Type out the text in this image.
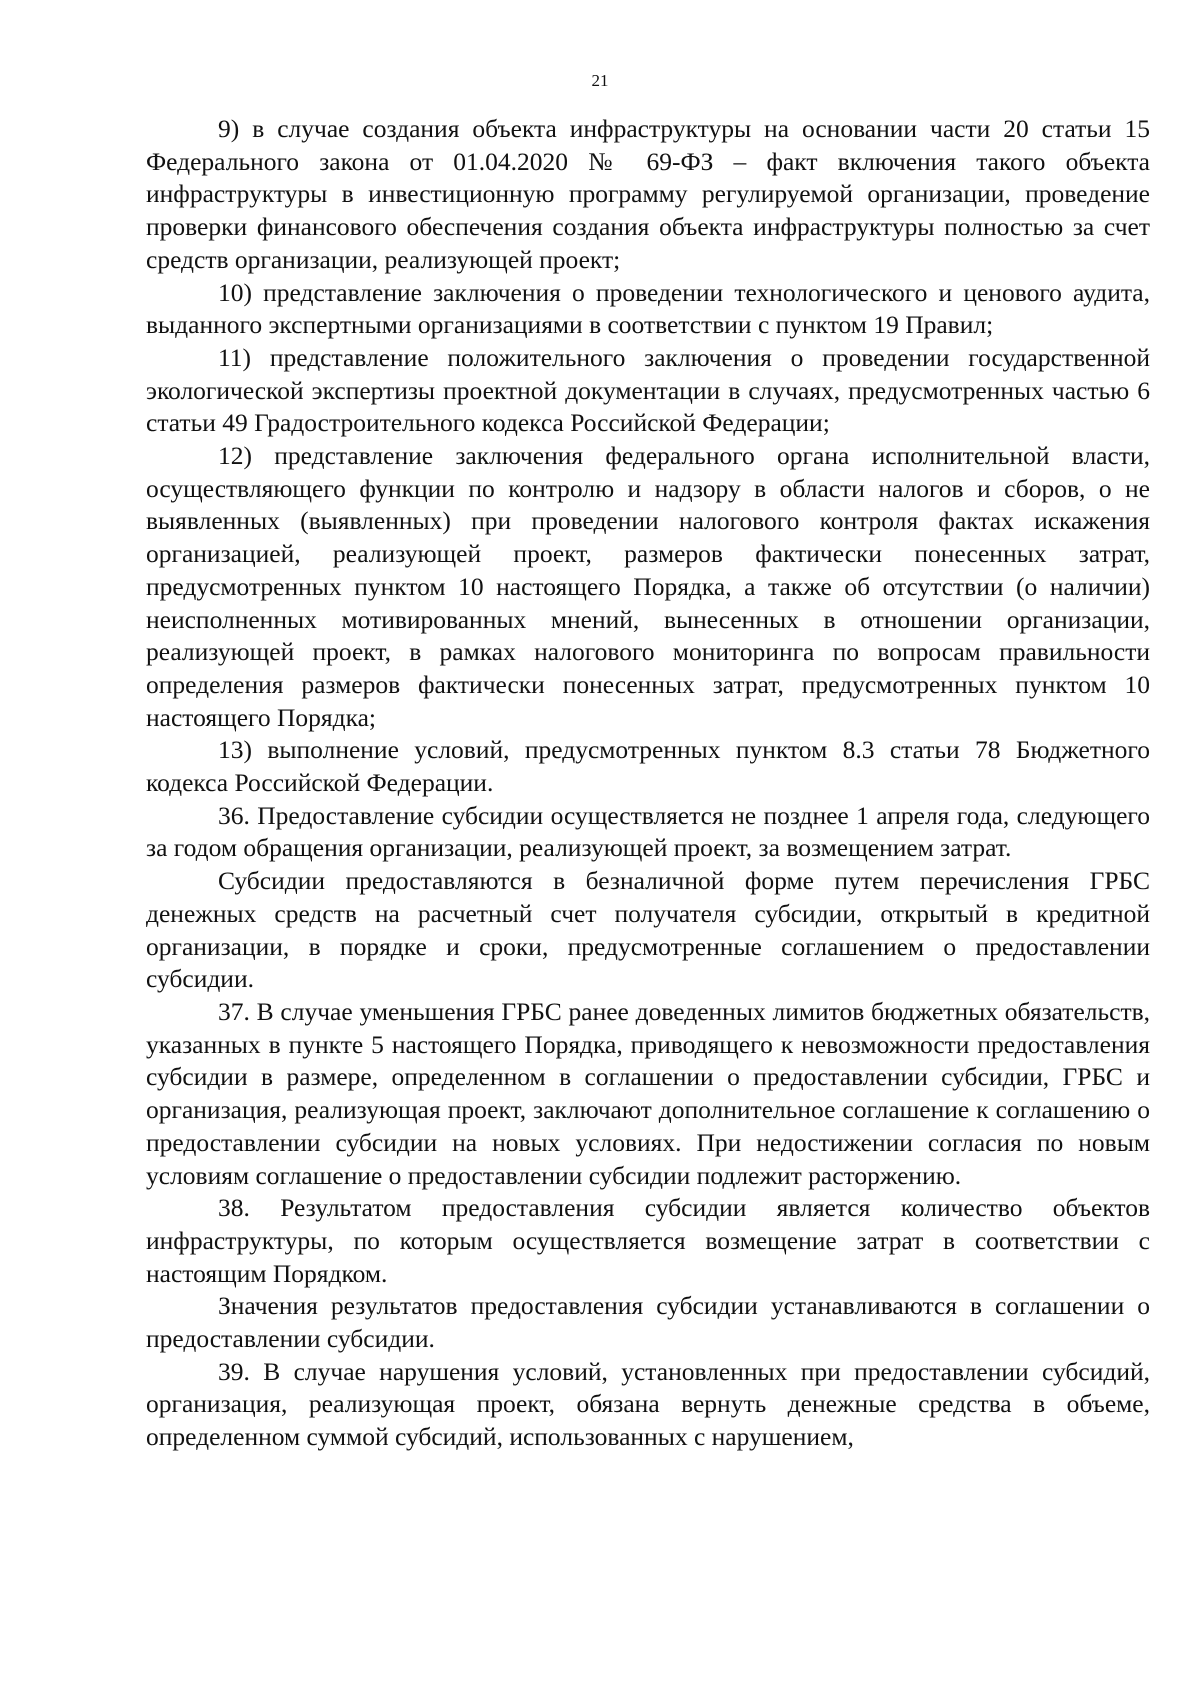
21

9) в случае создания объекта инфраструктуры на основании части 20 статьи 15 Федерального закона от 01.04.2020 № 69-ФЗ – факт включения такого объекта инфраструктуры в инвестиционную программу регулируемой организации, проведение проверки финансового обеспечения создания объекта инфраструктуры полностью за счет средств организации, реализующей проект;

10) представление заключения о проведении технологического и ценового аудита, выданного экспертными организациями в соответствии с пунктом 19 Правил;

11) представление положительного заключения о проведении государственной экологической экспертизы проектной документации в случаях, предусмотренных частью 6 статьи 49 Градостроительного кодекса Российской Федерации;

12) представление заключения федерального органа исполнительной власти, осуществляющего функции по контролю и надзору в области налогов и сборов, о не выявленных (выявленных) при проведении налогового контроля фактах искажения организацией, реализующей проект, размеров фактически понесенных затрат, предусмотренных пунктом 10 настоящего Порядка, а также об отсутствии (о наличии) неисполненных мотивированных мнений, вынесенных в отношении организации, реализующей проект, в рамках налогового мониторинга по вопросам правильности определения размеров фактически понесенных затрат, предусмотренных пунктом 10 настоящего Порядка;

13) выполнение условий, предусмотренных пунктом 8.3 статьи 78 Бюджетного кодекса Российской Федерации.

36. Предоставление субсидии осуществляется не позднее 1 апреля года, следующего за годом обращения организации, реализующей проект, за возмещением затрат.

Субсидии предоставляются в безналичной форме путем перечисления ГРБС денежных средств на расчетный счет получателя субсидии, открытый в кредитной организации, в порядке и сроки, предусмотренные соглашением о предоставлении субсидии.

37. В случае уменьшения ГРБС ранее доведенных лимитов бюджетных обязательств, указанных в пункте 5 настоящего Порядка, приводящего к невозможности предоставления субсидии в размере, определенном в соглашении о предоставлении субсидии, ГРБС и организация, реализующая проект, заключают дополнительное соглашение к соглашению о предоставлении субсидии на новых условиях. При недостижении согласия по новым условиям соглашение о предоставлении субсидии подлежит расторжению.

38. Результатом предоставления субсидии является количество объектов инфраструктуры, по которым осуществляется возмещение затрат в соответствии с настоящим Порядком.

Значения результатов предоставления субсидии устанавливаются в соглашении о предоставлении субсидии.

39. В случае нарушения условий, установленных при предоставлении субсидий, организация, реализующая проект, обязана вернуть денежные средства в объеме, определенном суммой субсидий, использованных с нарушением,
